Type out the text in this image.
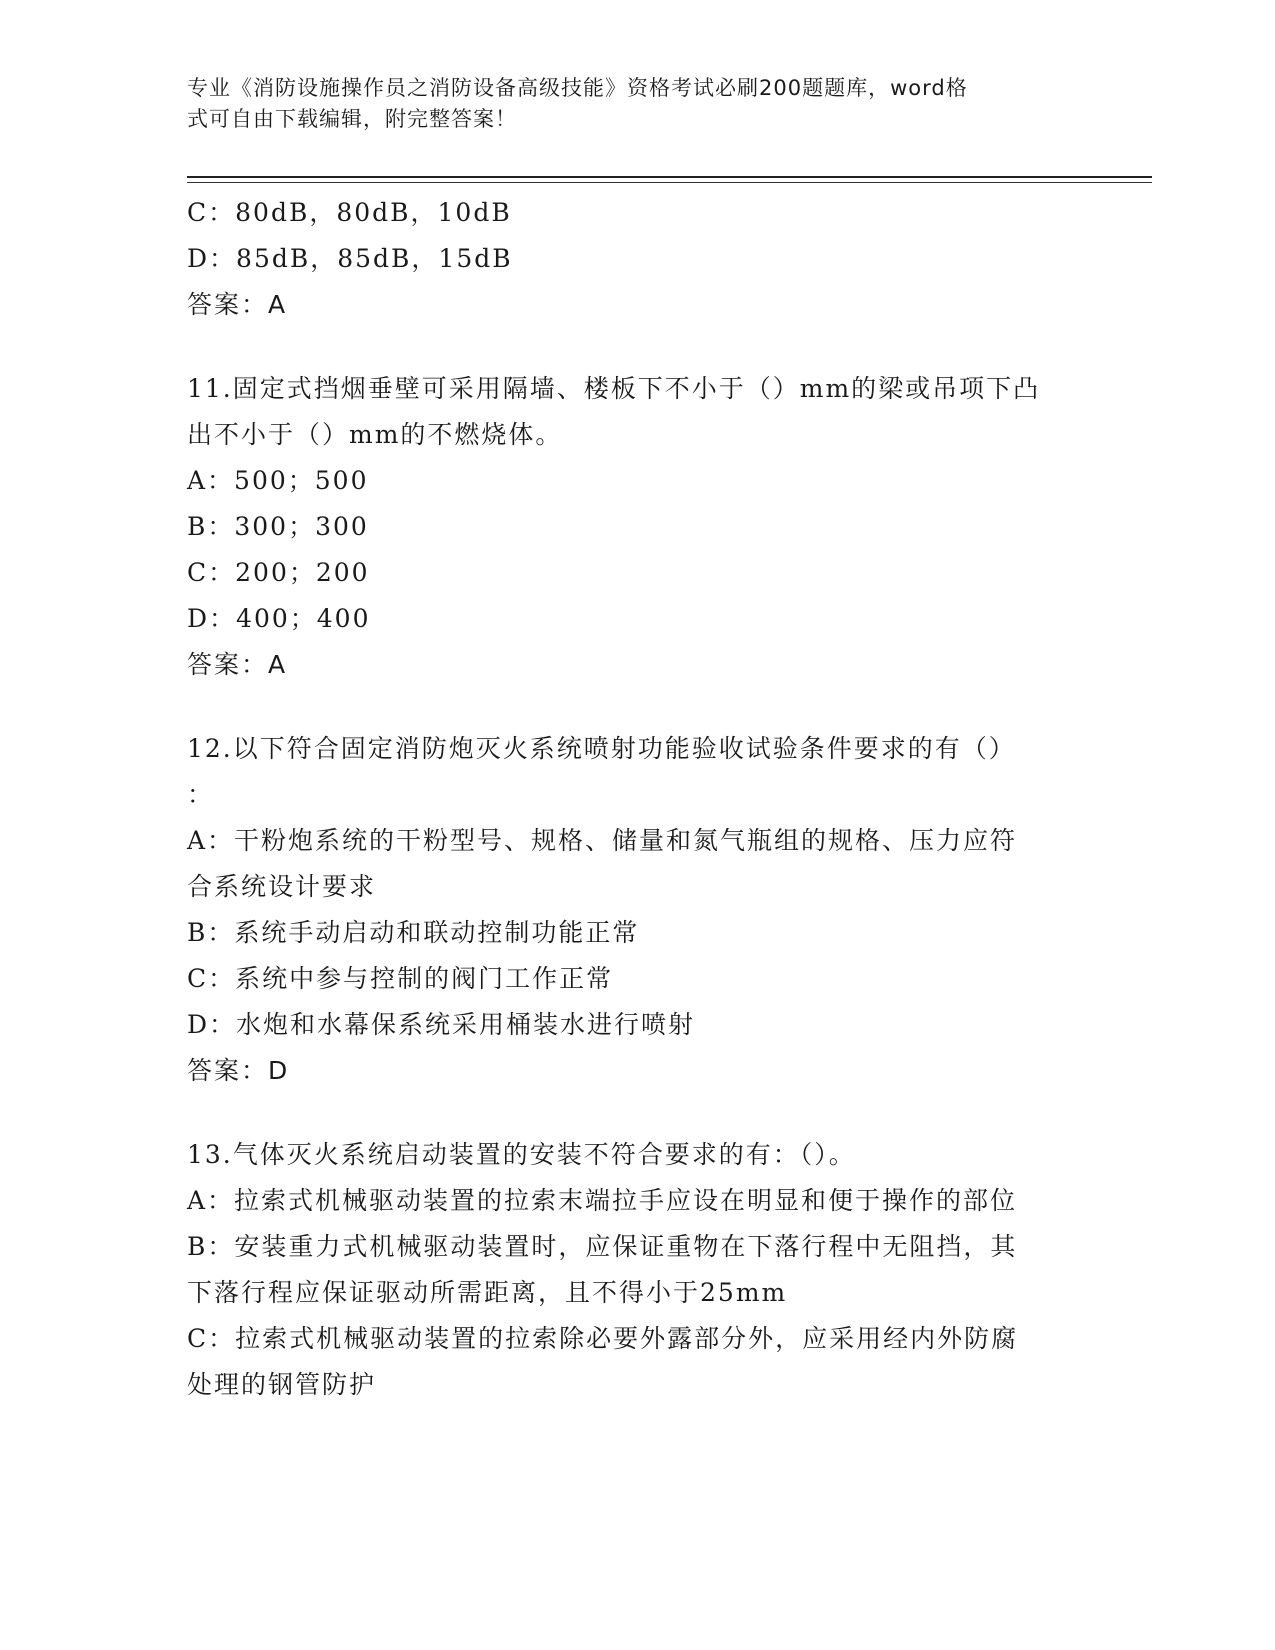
专业《消防设施操作员之消防设备高级技能》资格考试必刷200题题库，word格
式可自由下载编辑，附完整答案！
C：80dB，80dB，10dB
D：85dB，85dB，15dB
答案：A
11.固定式挡烟垂壁可采用隔墙、楼板下不小于（）mm的梁或吊项下凸
出不小于（）mm的不燃烧体。
A：500；500
B：300；300
C：200；200
D：400；400
答案：A
12.以下符合固定消防炮灭火系统喷射功能验收试验条件要求的有（）
：
A：干粉炮系统的干粉型号、规格、储量和氮气瓶组的规格、压力应符
合系统设计要求
B：系统手动启动和联动控制功能正常
C：系统中参与控制的阀门工作正常
D：水炮和水幕保系统采用桶装水进行喷射
答案：D
13.气体灭火系统启动装置的安装不符合要求的有：（）。
A：拉索式机械驱动装置的拉索末端拉手应设在明显和便于操作的部位
B：安装重力式机械驱动装置时，应保证重物在下落行程中无阻挡，其
下落行程应保证驱动所需距离，且不得小于25mm
C：拉索式机械驱动装置的拉索除必要外露部分外，应采用经内外防腐
处理的钢管防护
